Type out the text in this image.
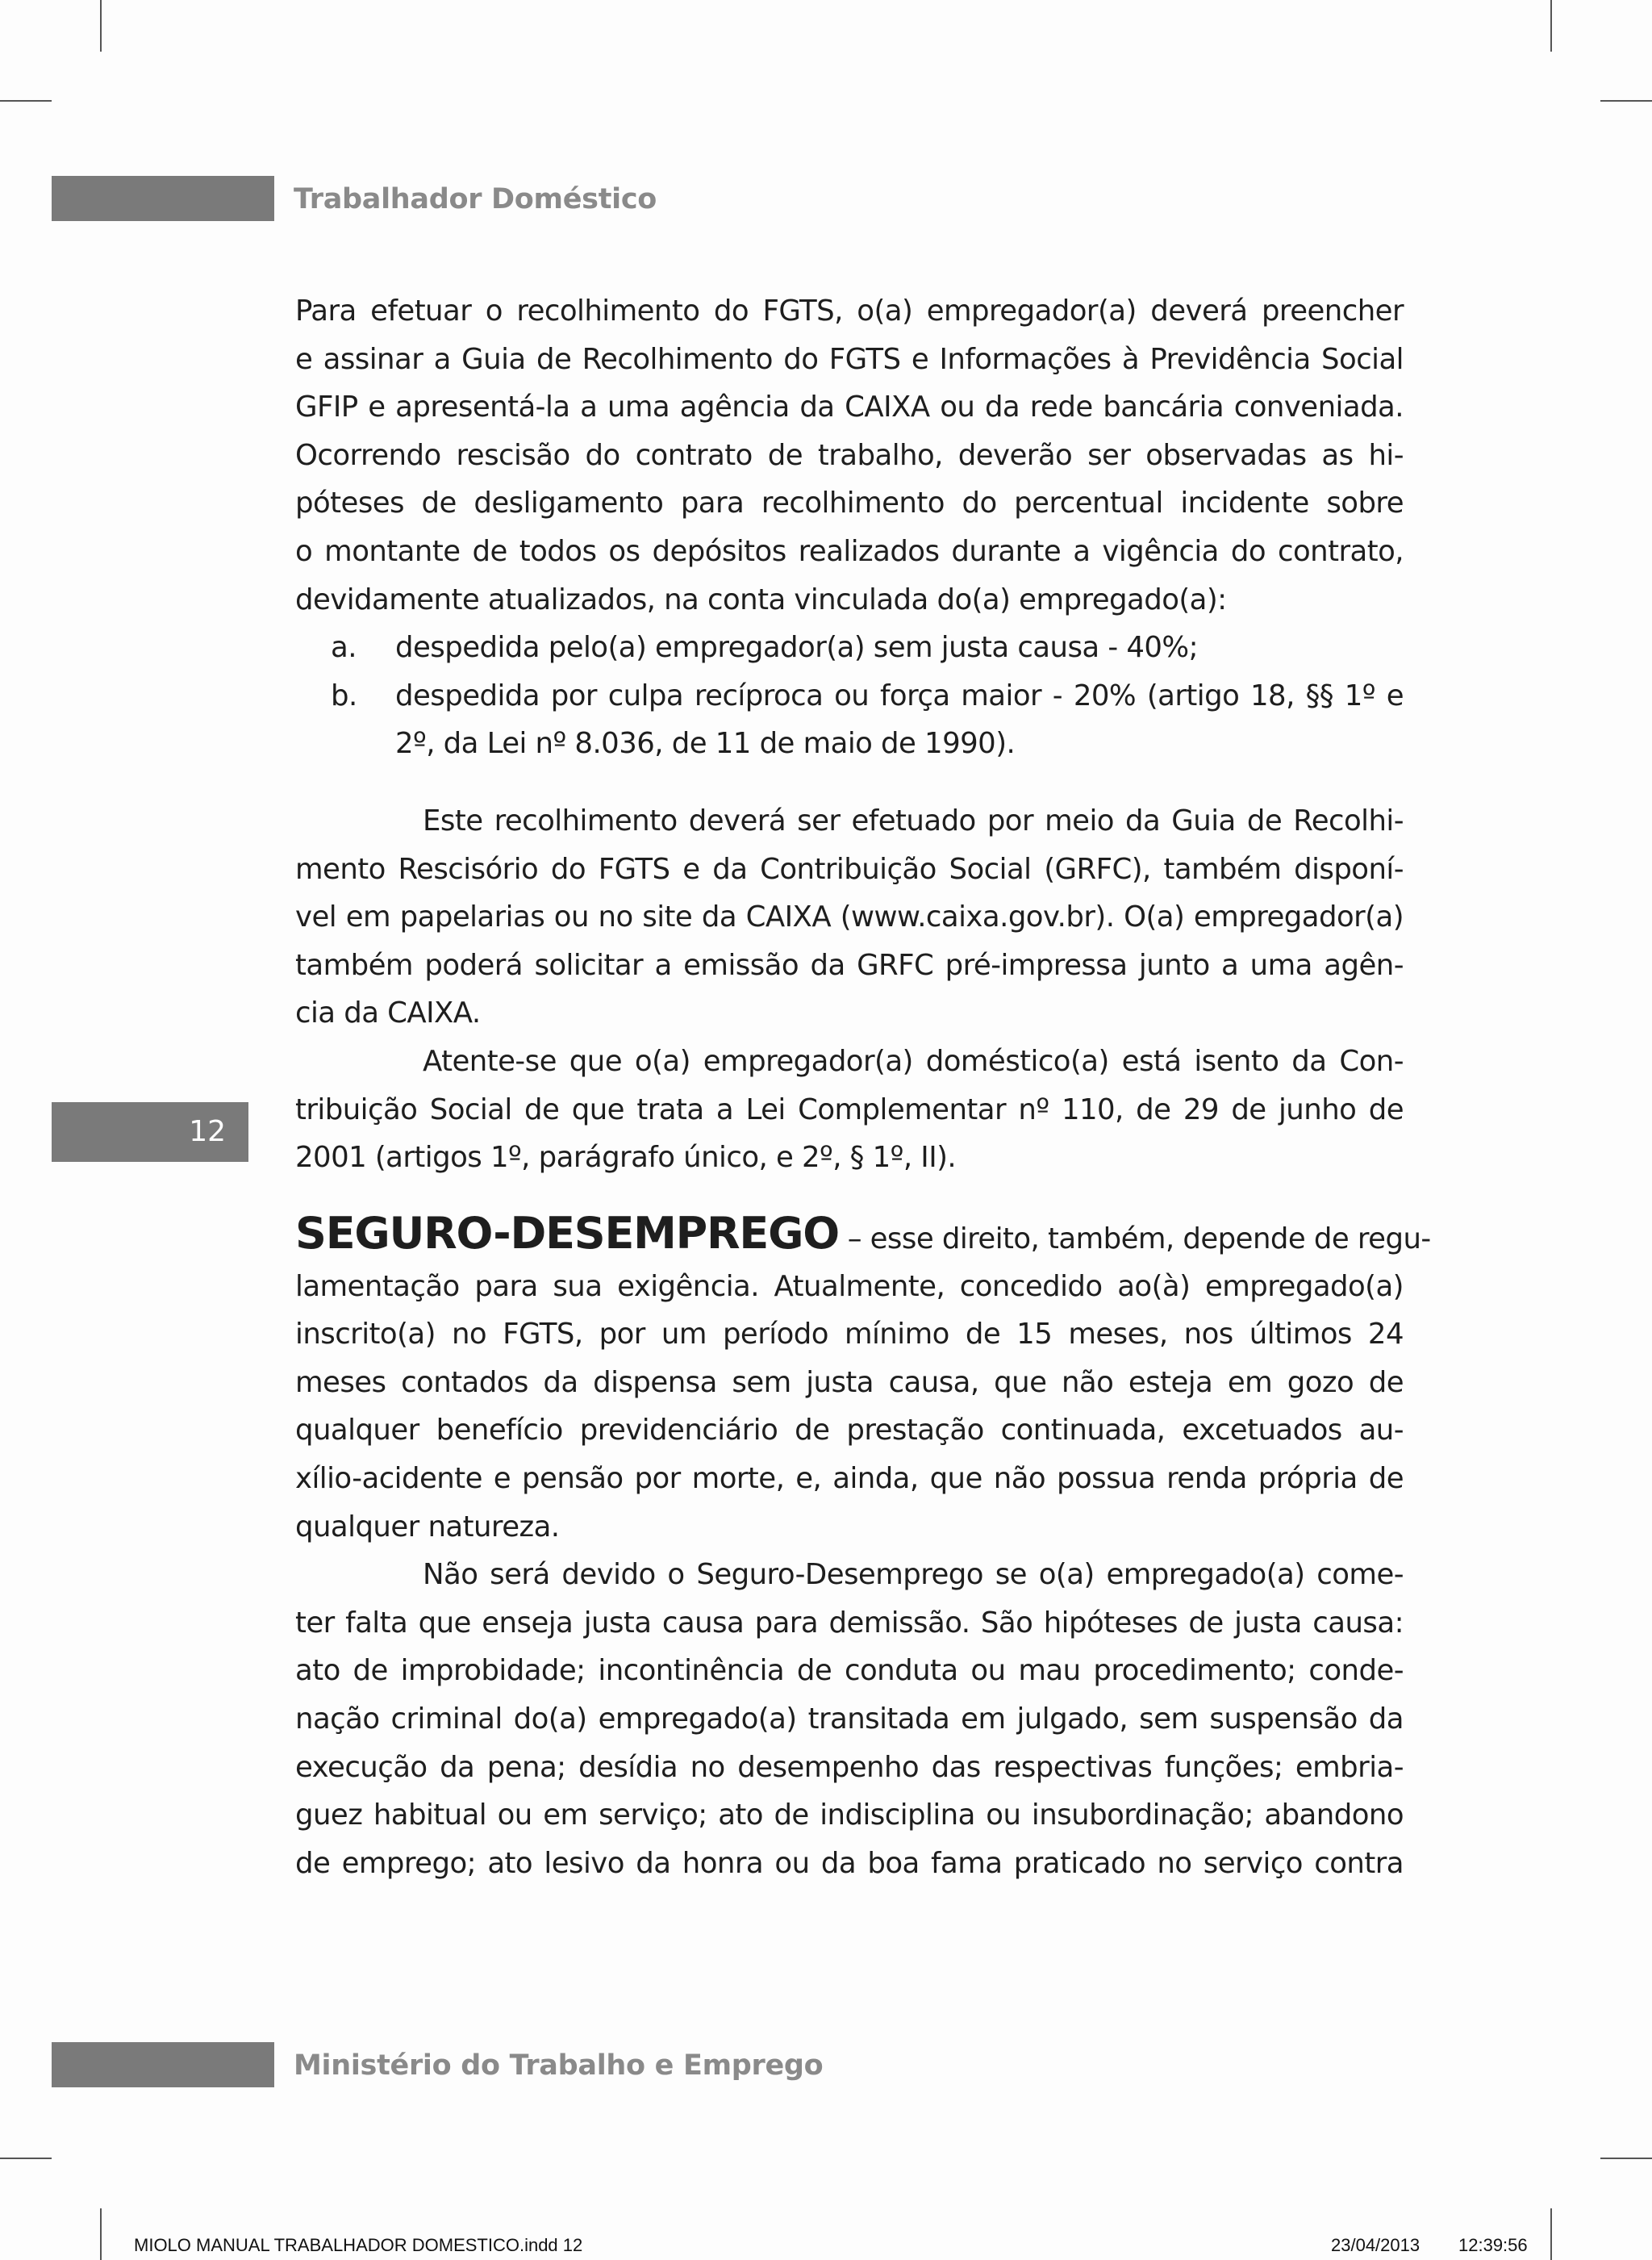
Trabalhador Doméstico
12
Para efetuar o recolhimento do FGTS, o(a) empregador(a) deverá preencher
e assinar a Guia de Recolhimento do FGTS e Informações à Previdência Social
GFIP e apresentá-la a uma agência da CAIXA ou da rede bancária conveniada.
Ocorrendo rescisão do contrato de trabalho, deverão ser observadas as hi-
póteses de desligamento para recolhimento do percentual incidente sobre
o montante de todos os depósitos realizados durante a vigência do contrato,
devidamente atualizados, na conta vinculada do(a) empregado(a):
a. despedida pelo(a) empregador(a) sem justa causa - 40%;
b. despedida por culpa recíproca ou força maior - 20% (artigo 18, §§ 1º e
2º, da Lei nº 8.036, de 11 de maio de 1990).
Este recolhimento deverá ser efetuado por meio da Guia de Recolhi-
mento Rescisório do FGTS e da Contribuição Social (GRFC), também disponí-
vel em papelarias ou no site da CAIXA (www.caixa.gov.br). O(a) empregador(a)
também poderá solicitar a emissão da GRFC pré-impressa junto a uma agên-
cia da CAIXA.
Atente-se que o(a) empregador(a) doméstico(a) está isento da Con-
tribuição Social de que trata a Lei Complementar nº 110, de 29 de junho de
2001 (artigos 1º, parágrafo único, e 2º, § 1º, II).
SEGURO-DESEMPREGO – esse direito, também, depende de regu-
lamentação para sua exigência. Atualmente, concedido ao(à) empregado(a)
inscrito(a) no FGTS, por um período mínimo de 15 meses, nos últimos 24
meses contados da dispensa sem justa causa, que não esteja em gozo de
qualquer benefício previdenciário de prestação continuada, excetuados au-
xílio-acidente e pensão por morte, e, ainda, que não possua renda própria de
qualquer natureza.
Não será devido o Seguro-Desemprego se o(a) empregado(a) come-
ter falta que enseja justa causa para demissão. São hipóteses de justa causa:
ato de improbidade; incontinência de conduta ou mau procedimento; conde-
nação criminal do(a) empregado(a) transitada em julgado, sem suspensão da
execução da pena; desídia no desempenho das respectivas funções; embria-
guez habitual ou em serviço; ato de indisciplina ou insubordinação; abandono
de emprego; ato lesivo da honra ou da boa fama praticado no serviço contra
Ministério do Trabalho e Emprego
MIOLO MANUAL TRABALHADOR DOMESTICO.indd 12	23/04/2013 12:39:56
